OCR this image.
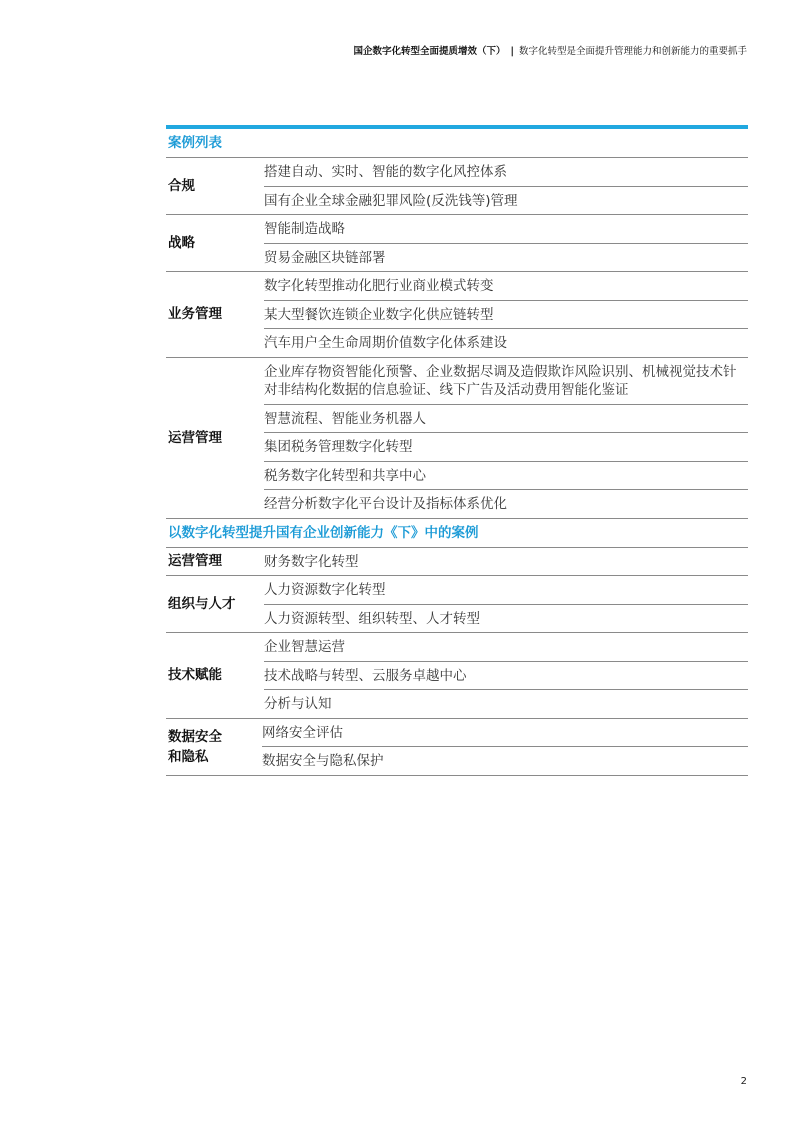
国企数字化转型全面提质增效（下） | 数字化转型是全面提升管理能力和创新能力的重要抓手
案例列表
合规
搭建自动、实时、智能的数字化风控体系
国有企业全球金融犯罪风险(反洗钱等)管理
战略
智能制造战略
贸易金融区块链部署
业务管理
数字化转型推动化肥行业商业模式转变
某大型餐饮连锁企业数字化供应链转型
汽车用户全生命周期价值数字化体系建设
运营管理
企业库存物资智能化预警、企业数据尽调及造假欺诈风险识别、机械视觉技术针对非结构化数据的信息验证、线下广告及活动费用智能化鉴证
智慧流程、智能业务机器人
集团税务管理数字化转型
税务数字化转型和共享中心
经营分析数字化平台设计及指标体系优化
以数字化转型提升国有企业创新能力《下》中的案例
运营管理	财务数字化转型
组织与人才
人力资源数字化转型
人力资源转型、组织转型、人才转型
技术赋能
企业智慧运营
技术战略与转型、云服务卓越中心
分析与认知
数据安全和隐私
网络安全评估
数据安全与隐私保护
2
